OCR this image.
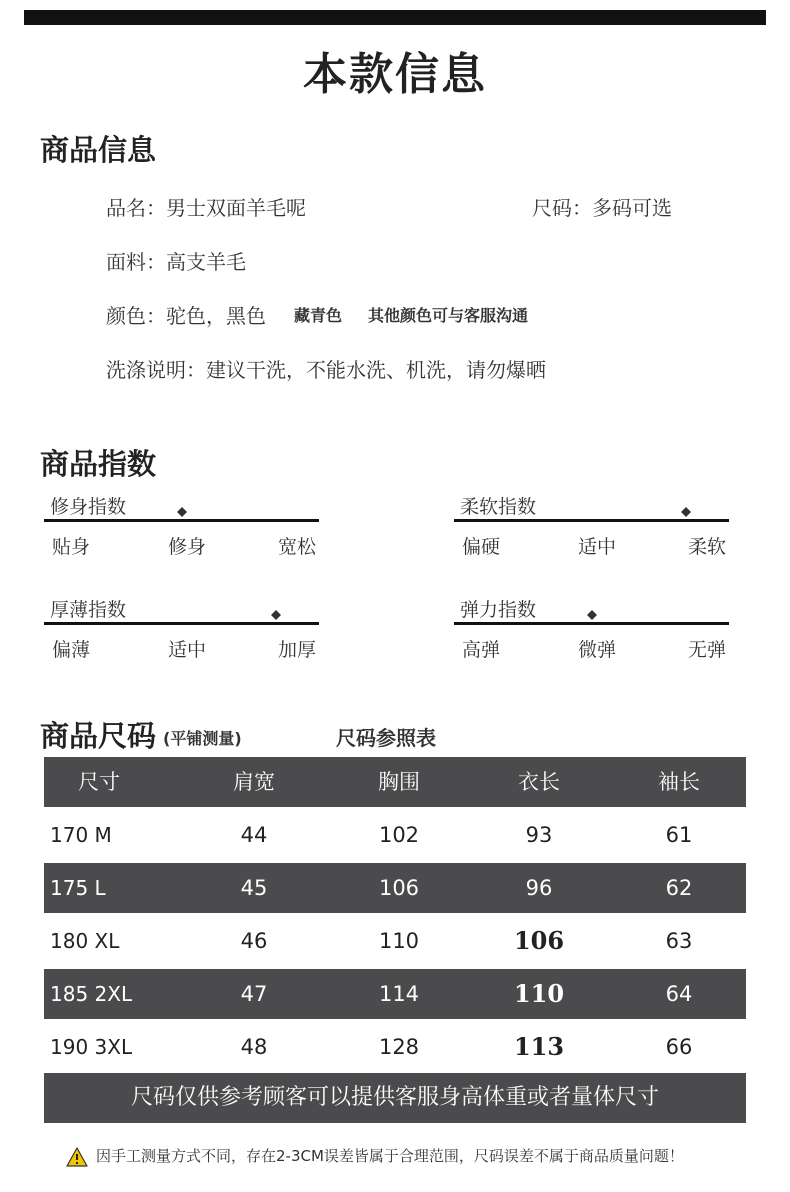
本款信息
商品信息
品名：男士双面羊毛呢	尺码：多码可选
面料：高支羊毛
颜色：驼色，黑色 藏青色 其他颜色可与客服沟通
洗涤说明：建议干洗，不能水洗、机洗，请勿爆晒
商品指数
修身指数
贴身	修身	宽松
柔软指数
偏硬	适中	柔软
厚薄指数
偏薄	适中	加厚
弹力指数
高弹	微弹	无弹
商品尺码 (平铺测量)	尺码参照表
尺寸	肩宽	胸围	衣长	袖长
170 M	44	102	93	61
175 L	45	106	96	62
180 XL	46	110	106	63
185 2XL	47	114	110	64
190 3XL	48	128	113	66
尺码仅供参考顾客可以提供客服身高体重或者量体尺寸
因手工测量方式不同，存在2-3CM误差皆属于合理范围，尺码误差不属于商品质量问题！
